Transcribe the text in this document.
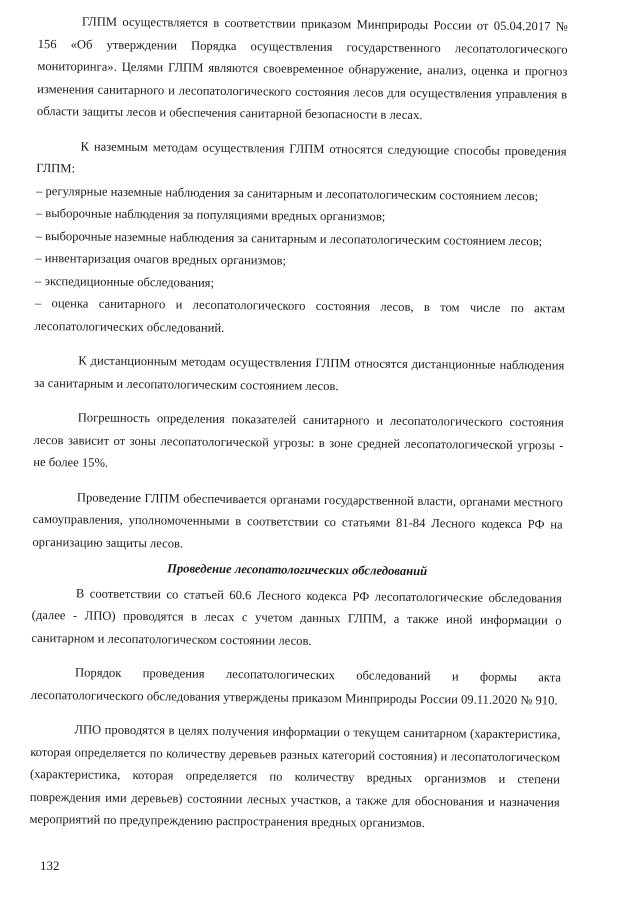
ГЛПМ осуществляется в соответствии приказом Минприроды России от 05.04.2017 № 156 «Об утверждении Порядка осуществления государственного лесопатологического мониторинга». Целями ГЛПМ являются своевременное обнаружение, анализ, оценка и прогноз изменения санитарного и лесопатологического состояния лесов для осуществления управления в области защиты лесов и обеспечения санитарной безопасности в лесах.

К наземным методам осуществления ГЛПМ относятся следующие способы проведения ГЛПМ:

– регулярные наземные наблюдения за санитарным и лесопатологическим состоянием лесов;

– выборочные наблюдения за популяциями вредных организмов;

– выборочные наземные наблюдения за санитарным и лесопатологическим состоянием лесов;

– инвентаризация очагов вредных организмов;

– экспедиционные обследования;

– оценка санитарного и лесопатологического состояния лесов, в том числе по актам лесопатологических обследований.

К дистанционным методам осуществления ГЛПМ относятся дистанционные наблюдения за санитарным и лесопатологическим состоянием лесов.

Погрешность определения показателей санитарного и лесопатологического состояния лесов зависит от зоны лесопатологической угрозы: в зоне средней лесопатологической угрозы - не более 15%.

Проведение ГЛПМ обеспечивается органами государственной власти, органами местного самоуправления, уполномоченными в соответствии со статьями 81-84 Лесного кодекса РФ на организацию защиты лесов.

Проведение лесопатологических обследований

В соответствии со статьей 60.6 Лесного кодекса РФ лесопатологические обследования (далее - ЛПО) проводятся в лесах с учетом данных ГЛПМ, а также иной информации о санитарном и лесопатологическом состоянии лесов.

Порядок проведения лесопатологических обследований и формы акта лесопатологического обследования утверждены приказом Минприроды России 09.11.2020 № 910.

ЛПО проводятся в целях получения информации о текущем санитарном (характеристика, которая определяется по количеству деревьев разных категорий состояния) и лесопатологическом (характеристика, которая определяется по количеству вредных организмов и степени повреждения ими деревьев) состоянии лесных участков, а также для обоснования и назначения мероприятий по предупреждению распространения вредных организмов.

132
